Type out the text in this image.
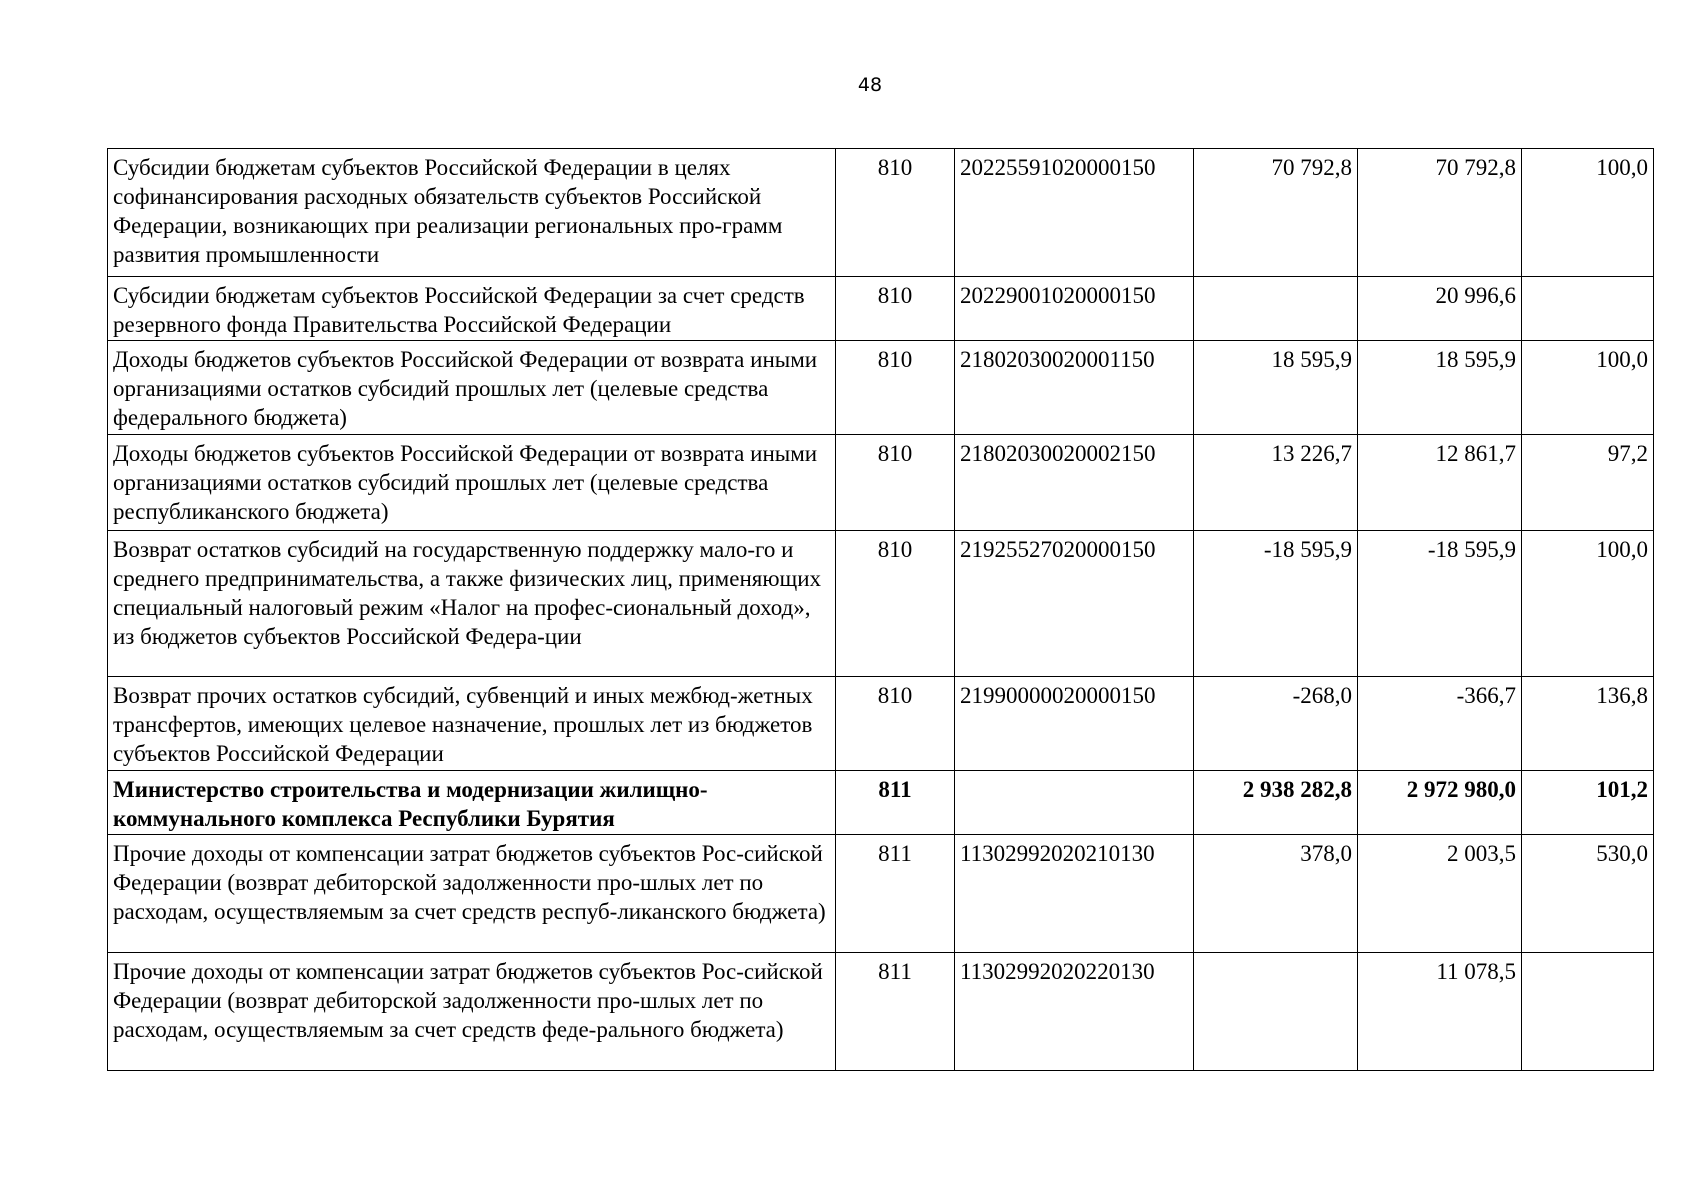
48
Субсидии бюджетам субъектов Российской Федерации в целях софинансирования расходных обязательств субъектов Российской Федерации, возникающих при реализации региональных про-грамм развития промышленности	810	20225591020000150	70 792,8	70 792,8	100,0
Субсидии бюджетам субъектов Российской Федерации за счет средств резервного фонда Правительства Российской Федерации	810	20229001020000150		20 996,6	
Доходы бюджетов субъектов Российской Федерации от возврата иными организациями остатков субсидий прошлых лет (целевые средства федерального бюджета)	810	21802030020001150	18 595,9	18 595,9	100,0
Доходы бюджетов субъектов Российской Федерации от возврата иными организациями остатков субсидий прошлых лет (целевые средства республиканского бюджета)	810	21802030020002150	13 226,7	12 861,7	97,2
Возврат остатков субсидий на государственную поддержку мало-го и среднего предпринимательства, а также физических лиц, применяющих специальный налоговый режим «Налог на профес-сиональный доход», из бюджетов субъектов Российской Федера-ции	810	21925527020000150	-18 595,9	-18 595,9	100,0
Возврат прочих остатков субсидий, субвенций и иных межбюд-жетных трансфертов, имеющих целевое назначение, прошлых лет из бюджетов субъектов Российской Федерации	810	21990000020000150	-268,0	-366,7	136,8
Министерство строительства и модернизации жилищно-коммунального комплекса Республики Бурятия	811		2 938 282,8	2 972 980,0	101,2
Прочие доходы от компенсации затрат бюджетов субъектов Рос-сийской Федерации (возврат дебиторской задолженности про-шлых лет по расходам, осуществляемым за счет средств респуб-ликанского бюджета)	811	11302992020210130	378,0	2 003,5	530,0
Прочие доходы от компенсации затрат бюджетов субъектов Рос-сийской Федерации (возврат дебиторской задолженности про-шлых лет по расходам, осуществляемым за счет средств феде-рального бюджета)	811	11302992020220130		11 078,5	
